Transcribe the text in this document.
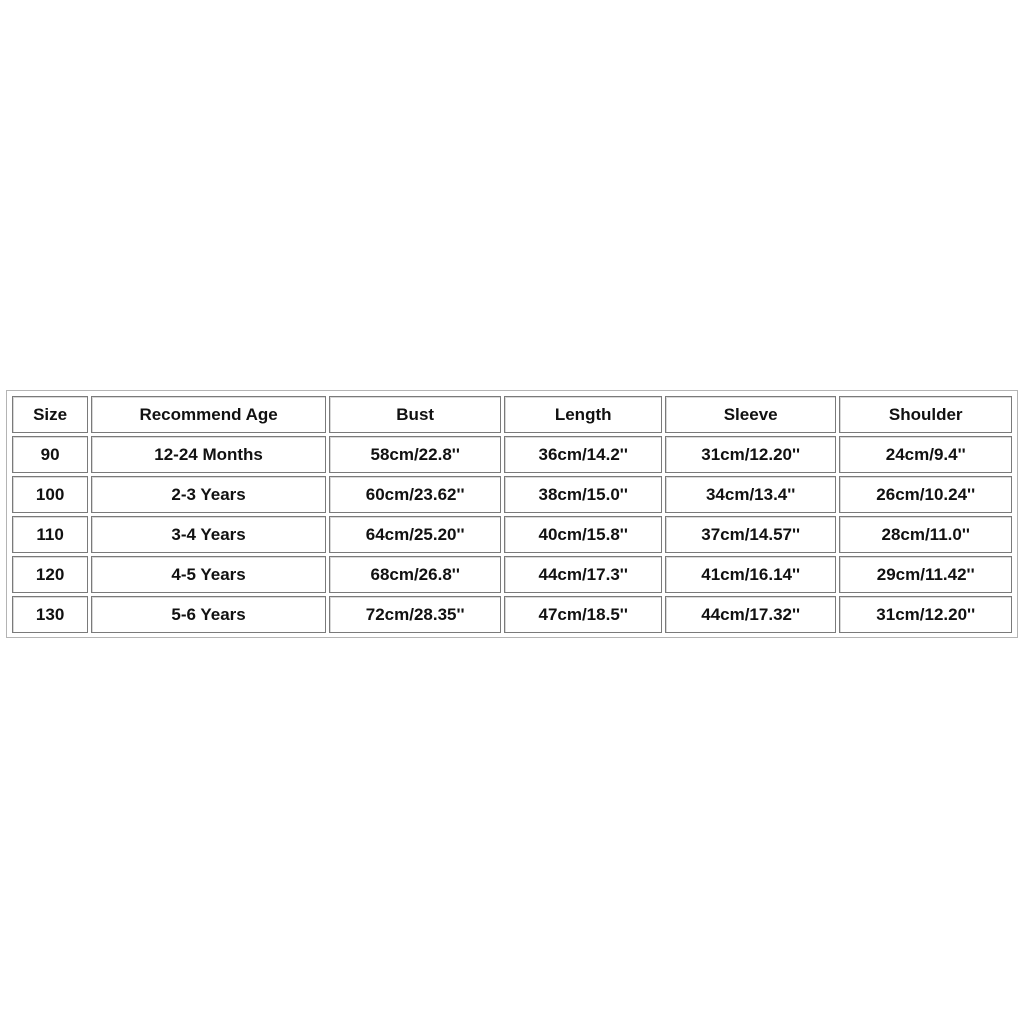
Size	Recommend Age	Bust	Length	Sleeve	Shoulder
90	12-24 Months	58cm/22.8''	36cm/14.2''	31cm/12.20''	24cm/9.4''
100	2-3 Years	60cm/23.62''	38cm/15.0''	34cm/13.4''	26cm/10.24''
110	3-4 Years	64cm/25.20''	40cm/15.8''	37cm/14.57''	28cm/11.0''
120	4-5 Years	68cm/26.8''	44cm/17.3''	41cm/16.14''	29cm/11.42''
130	5-6 Years	72cm/28.35''	47cm/18.5''	44cm/17.32''	31cm/12.20''
